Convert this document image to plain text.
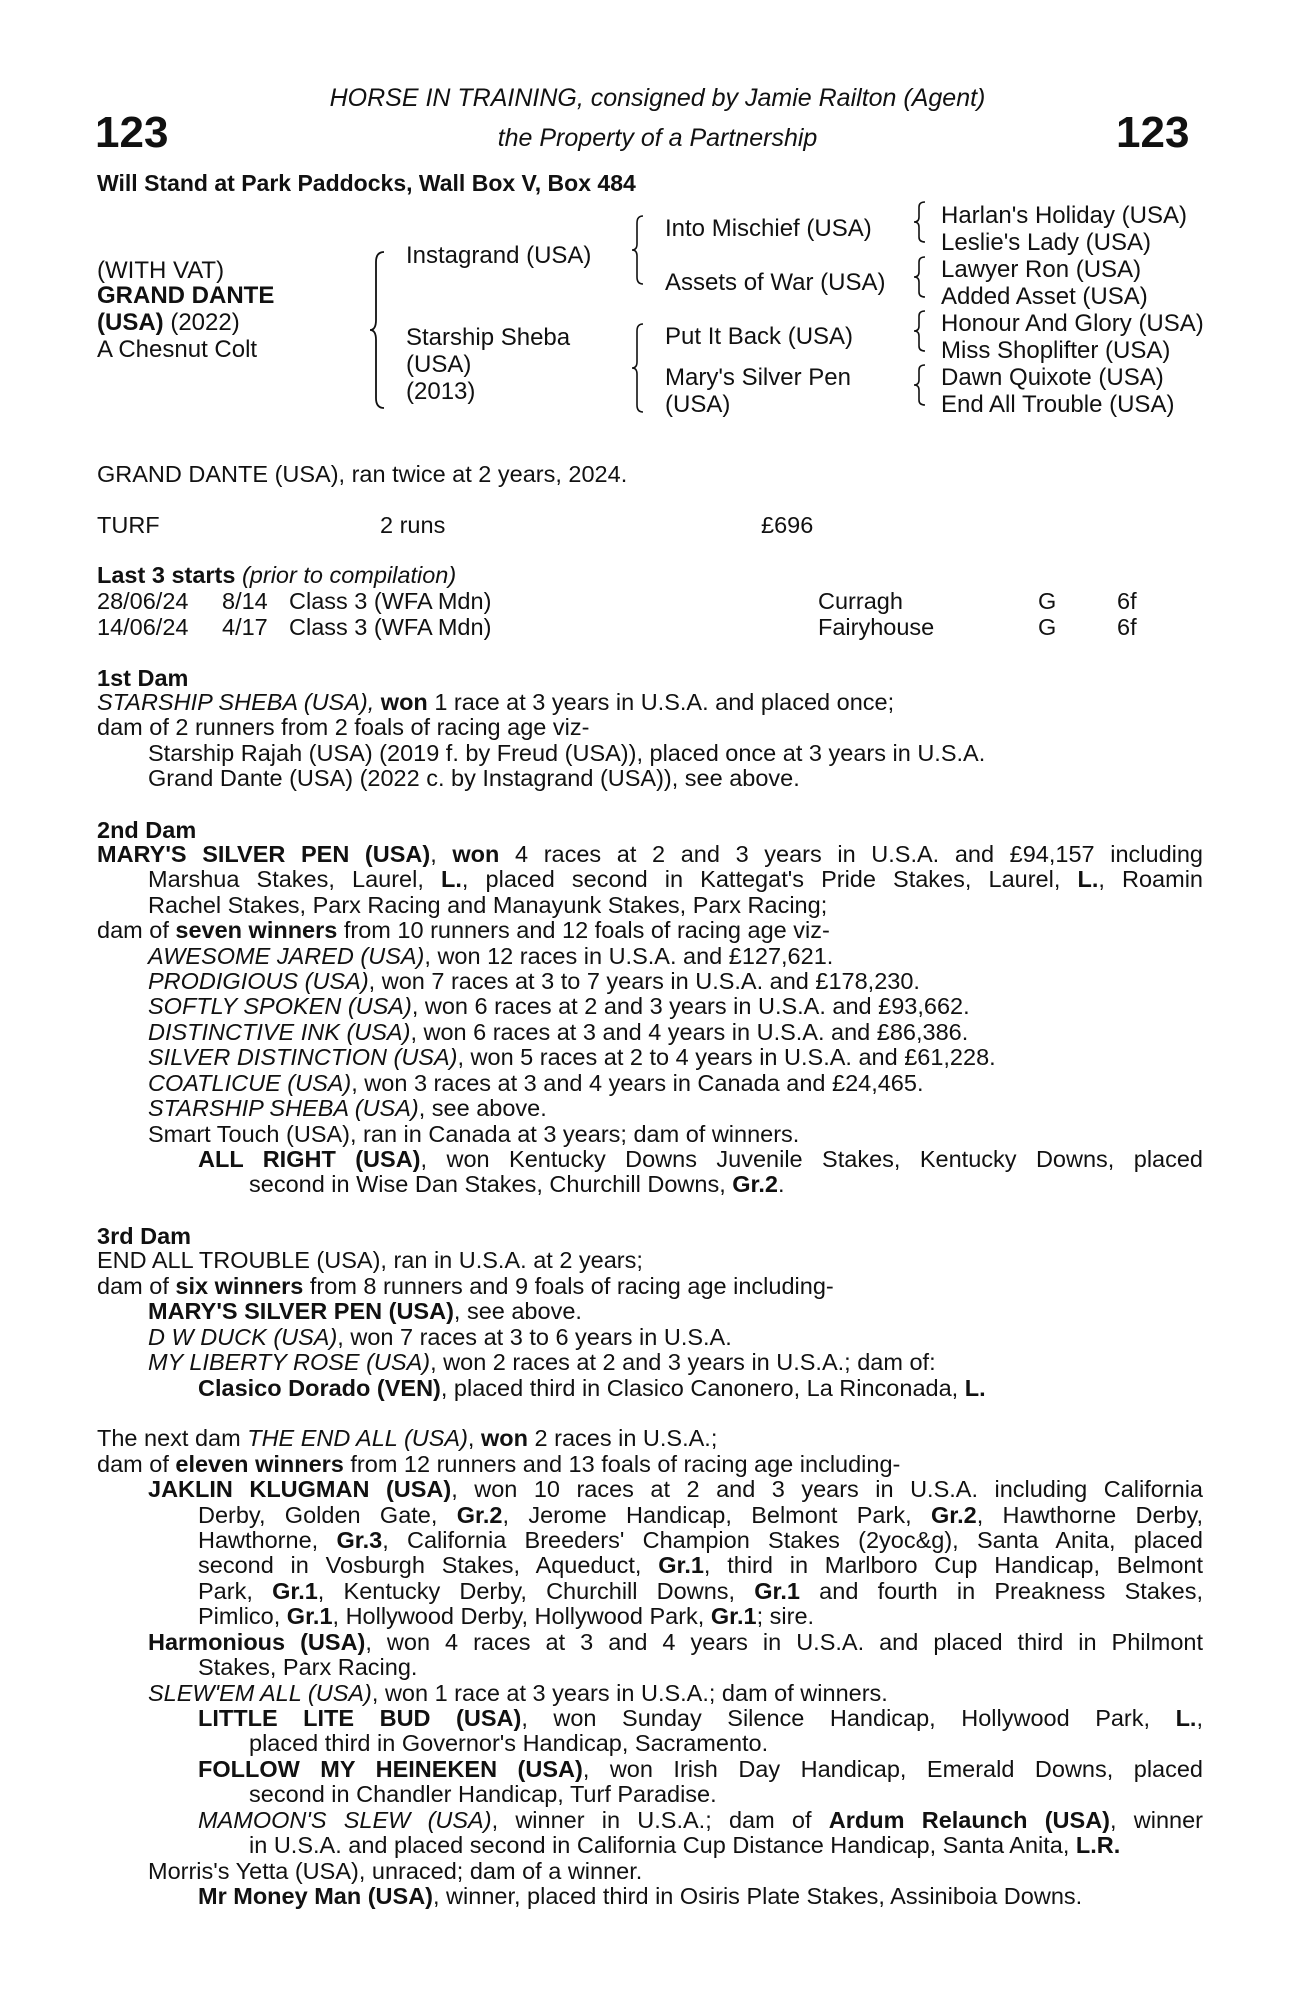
123	123
HORSE IN TRAINING, consigned by Jamie Railton (Agent)
the Property of a Partnership
Will Stand at Park Paddocks, Wall Box V, Box 484
(WITH VAT)
GRAND DANTE
(USA) (2022)
A Chesnut Colt
Instagrand (USA)
Starship Sheba
(USA)
(2013)
Into Mischief (USA)
Assets of War (USA)
Put It Back (USA)
Mary's Silver Pen
(USA)
Harlan's Holiday (USA)
Leslie's Lady (USA)
Lawyer Ron (USA)
Added Asset (USA)
Honour And Glory (USA)
Miss Shoplifter (USA)
Dawn Quixote (USA)
End All Trouble (USA)
GRAND DANTE (USA), ran twice at 2 years, 2024.
TURF	2 runs	£696
Last 3 starts (prior to compilation)
28/06/24 8/14 Class 3 (WFA Mdn)	Curragh	G	6f
14/06/24 4/17 Class 3 (WFA Mdn)	Fairyhouse	G	6f
1st Dam
STARSHIP SHEBA (USA), won 1 race at 3 years in U.S.A. and placed once;
dam of 2 runners from 2 foals of racing age viz-
Starship Rajah (USA) (2019 f. by Freud (USA)), placed once at 3 years in U.S.A.
Grand Dante (USA) (2022 c. by Instagrand (USA)), see above.
2nd Dam
MARY'S SILVER PEN (USA), won 4 races at 2 and 3 years in U.S.A. and £94,157 including
Marshua Stakes, Laurel, L., placed second in Kattegat's Pride Stakes, Laurel, L., Roamin
Rachel Stakes, Parx Racing and Manayunk Stakes, Parx Racing;
dam of seven winners from 10 runners and 12 foals of racing age viz-
AWESOME JARED (USA), won 12 races in U.S.A. and £127,621.
PRODIGIOUS (USA), won 7 races at 3 to 7 years in U.S.A. and £178,230.
SOFTLY SPOKEN (USA), won 6 races at 2 and 3 years in U.S.A. and £93,662.
DISTINCTIVE INK (USA), won 6 races at 3 and 4 years in U.S.A. and £86,386.
SILVER DISTINCTION (USA), won 5 races at 2 to 4 years in U.S.A. and £61,228.
COATLICUE (USA), won 3 races at 3 and 4 years in Canada and £24,465.
STARSHIP SHEBA (USA), see above.
Smart Touch (USA), ran in Canada at 3 years; dam of winners.
ALL RIGHT (USA), won Kentucky Downs Juvenile Stakes, Kentucky Downs, placed
second in Wise Dan Stakes, Churchill Downs, Gr.2.
3rd Dam
END ALL TROUBLE (USA), ran in U.S.A. at 2 years;
dam of six winners from 8 runners and 9 foals of racing age including-
MARY'S SILVER PEN (USA), see above.
D W DUCK (USA), won 7 races at 3 to 6 years in U.S.A.
MY LIBERTY ROSE (USA), won 2 races at 2 and 3 years in U.S.A.; dam of:
Clasico Dorado (VEN), placed third in Clasico Canonero, La Rinconada, L.
The next dam THE END ALL (USA), won 2 races in U.S.A.;
dam of eleven winners from 12 runners and 13 foals of racing age including-
JAKLIN KLUGMAN (USA), won 10 races at 2 and 3 years in U.S.A. including California
Derby, Golden Gate, Gr.2, Jerome Handicap, Belmont Park, Gr.2, Hawthorne Derby,
Hawthorne, Gr.3, California Breeders' Champion Stakes (2yoc&g), Santa Anita, placed
second in Vosburgh Stakes, Aqueduct, Gr.1, third in Marlboro Cup Handicap, Belmont
Park, Gr.1, Kentucky Derby, Churchill Downs, Gr.1 and fourth in Preakness Stakes,
Pimlico, Gr.1, Hollywood Derby, Hollywood Park, Gr.1; sire.
Harmonious (USA), won 4 races at 3 and 4 years in U.S.A. and placed third in Philmont
Stakes, Parx Racing.
SLEW'EM ALL (USA), won 1 race at 3 years in U.S.A.; dam of winners.
LITTLE LITE BUD (USA), won Sunday Silence Handicap, Hollywood Park, L.,
placed third in Governor's Handicap, Sacramento.
FOLLOW MY HEINEKEN (USA), won Irish Day Handicap, Emerald Downs, placed
second in Chandler Handicap, Turf Paradise.
MAMOON'S SLEW (USA), winner in U.S.A.; dam of Ardum Relaunch (USA), winner
in U.S.A. and placed second in California Cup Distance Handicap, Santa Anita, L.R.
Morris's Yetta (USA), unraced; dam of a winner.
Mr Money Man (USA), winner, placed third in Osiris Plate Stakes, Assiniboia Downs.
